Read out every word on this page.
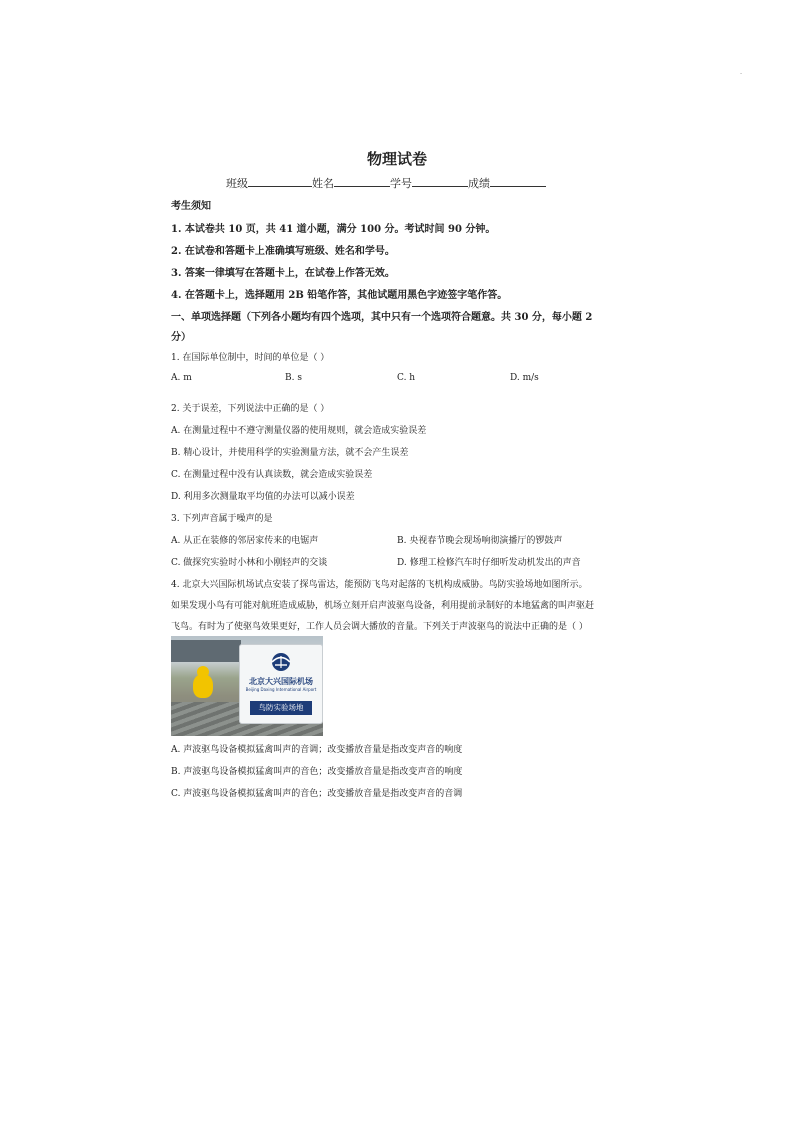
-
物理试卷
班级	姓名	学号	成绩
考生须知
1. 本试卷共 10 页，共 41 道小题，满分 100 分。考试时间 90 分钟。
2. 在试卷和答题卡上准确填写班级、姓名和学号。
3. 答案一律填写在答题卡上，在试卷上作答无效。
4. 在答题卡上，选择题用 2B 铅笔作答，其他试题用黑色字迹签字笔作答。
一、单项选择题（下列各小题均有四个选项，其中只有一个选项符合题意。共 30 分，每小题 2
分）
1. 在国际单位制中，时间的单位是（ ）
A. m	B. s	C. h	D. m/s
2. 关于误差，下列说法中正确的是（ ）
A. 在测量过程中不遵守测量仪器的使用规则，就会造成实验误差
B. 精心设计，并使用科学的实验测量方法，就不会产生误差
C. 在测量过程中没有认真读数，就会造成实验误差
D. 利用多次测量取平均值的办法可以减小误差
3. 下列声音属于噪声的是
A. 从正在装修的邻居家传来的电锯声	B. 央视春节晚会现场响彻演播厅的锣鼓声
C. 做探究实验时小林和小刚轻声的交谈	D. 修理工检修汽车时仔细听发动机发出的声音
4. 北京大兴国际机场试点安装了探鸟雷达，能预防飞鸟对起落的飞机构成威胁。鸟防实验场地如图所示。
如果发现小鸟有可能对航班造成威胁，机场立刻开启声波驱鸟设备，利用提前录制好的本地猛禽的叫声驱赶
飞鸟。有时为了使驱鸟效果更好，工作人员会调大播放的音量。下列关于声波驱鸟的说法中正确的是（ ）
北京大兴国际机场
Beijing Daxing International Airport
鸟防实验场地
A. 声波驱鸟设备模拟猛禽叫声的音调；改变播放音量是指改变声音的响度
B. 声波驱鸟设备模拟猛禽叫声的音色；改变播放音量是指改变声音的响度
C. 声波驱鸟设备模拟猛禽叫声的音色；改变播放音量是指改变声音的音调
